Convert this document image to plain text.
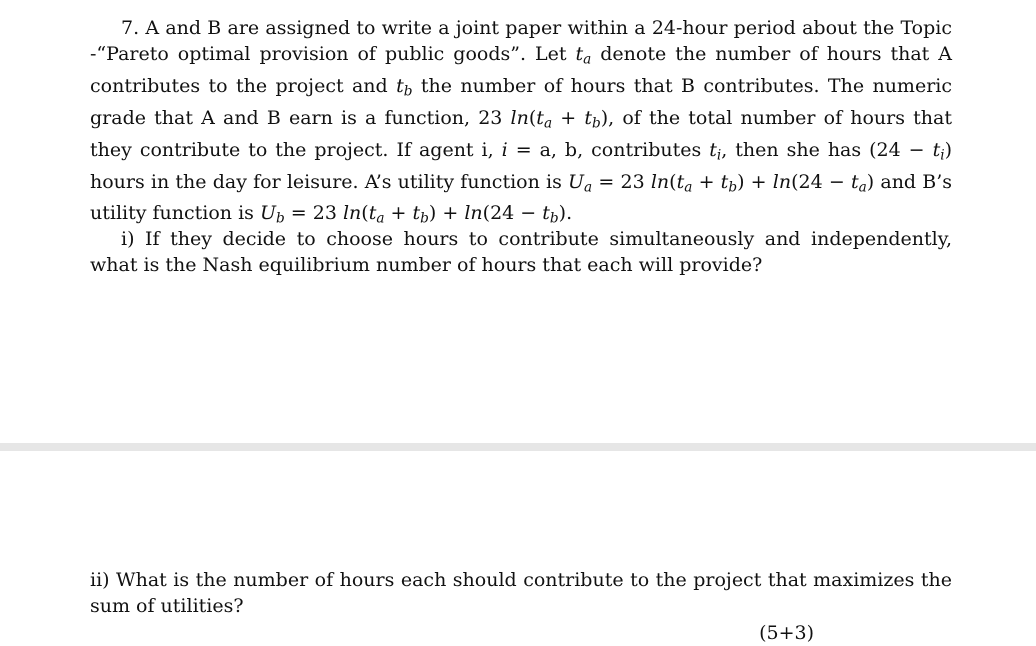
7. A and B are assigned to write a joint paper within a 24-hour period about the Topic -“Pareto optimal provision of public goods”. Let $t_a$ denote the number of hours that A contributes to the project and $t_b$ the number of hours that B contributes. The numeric grade that A and B earn is a function, 23 $\ln(t_a + t_b)$, of the total number of hours that they contribute to the project. If agent i, i = a, b, contributes $t_i$, then she has $(24 - t_i)$ hours in the day for leisure. A’s utility function is $U_a = 23$ $\ln(t_a + t_b) + \ln(24 - t_a)$ and B’s utility function is $U_b = 23$ $\ln(t_a + t_b) + \ln(24 - t_b)$.

i) If they decide to choose hours to contribute simultaneously and independently, what is the Nash equilibrium number of hours that each will provide?

ii) What is the number of hours each should contribute to the project that maximizes the sum of utilities?

(5+3)
